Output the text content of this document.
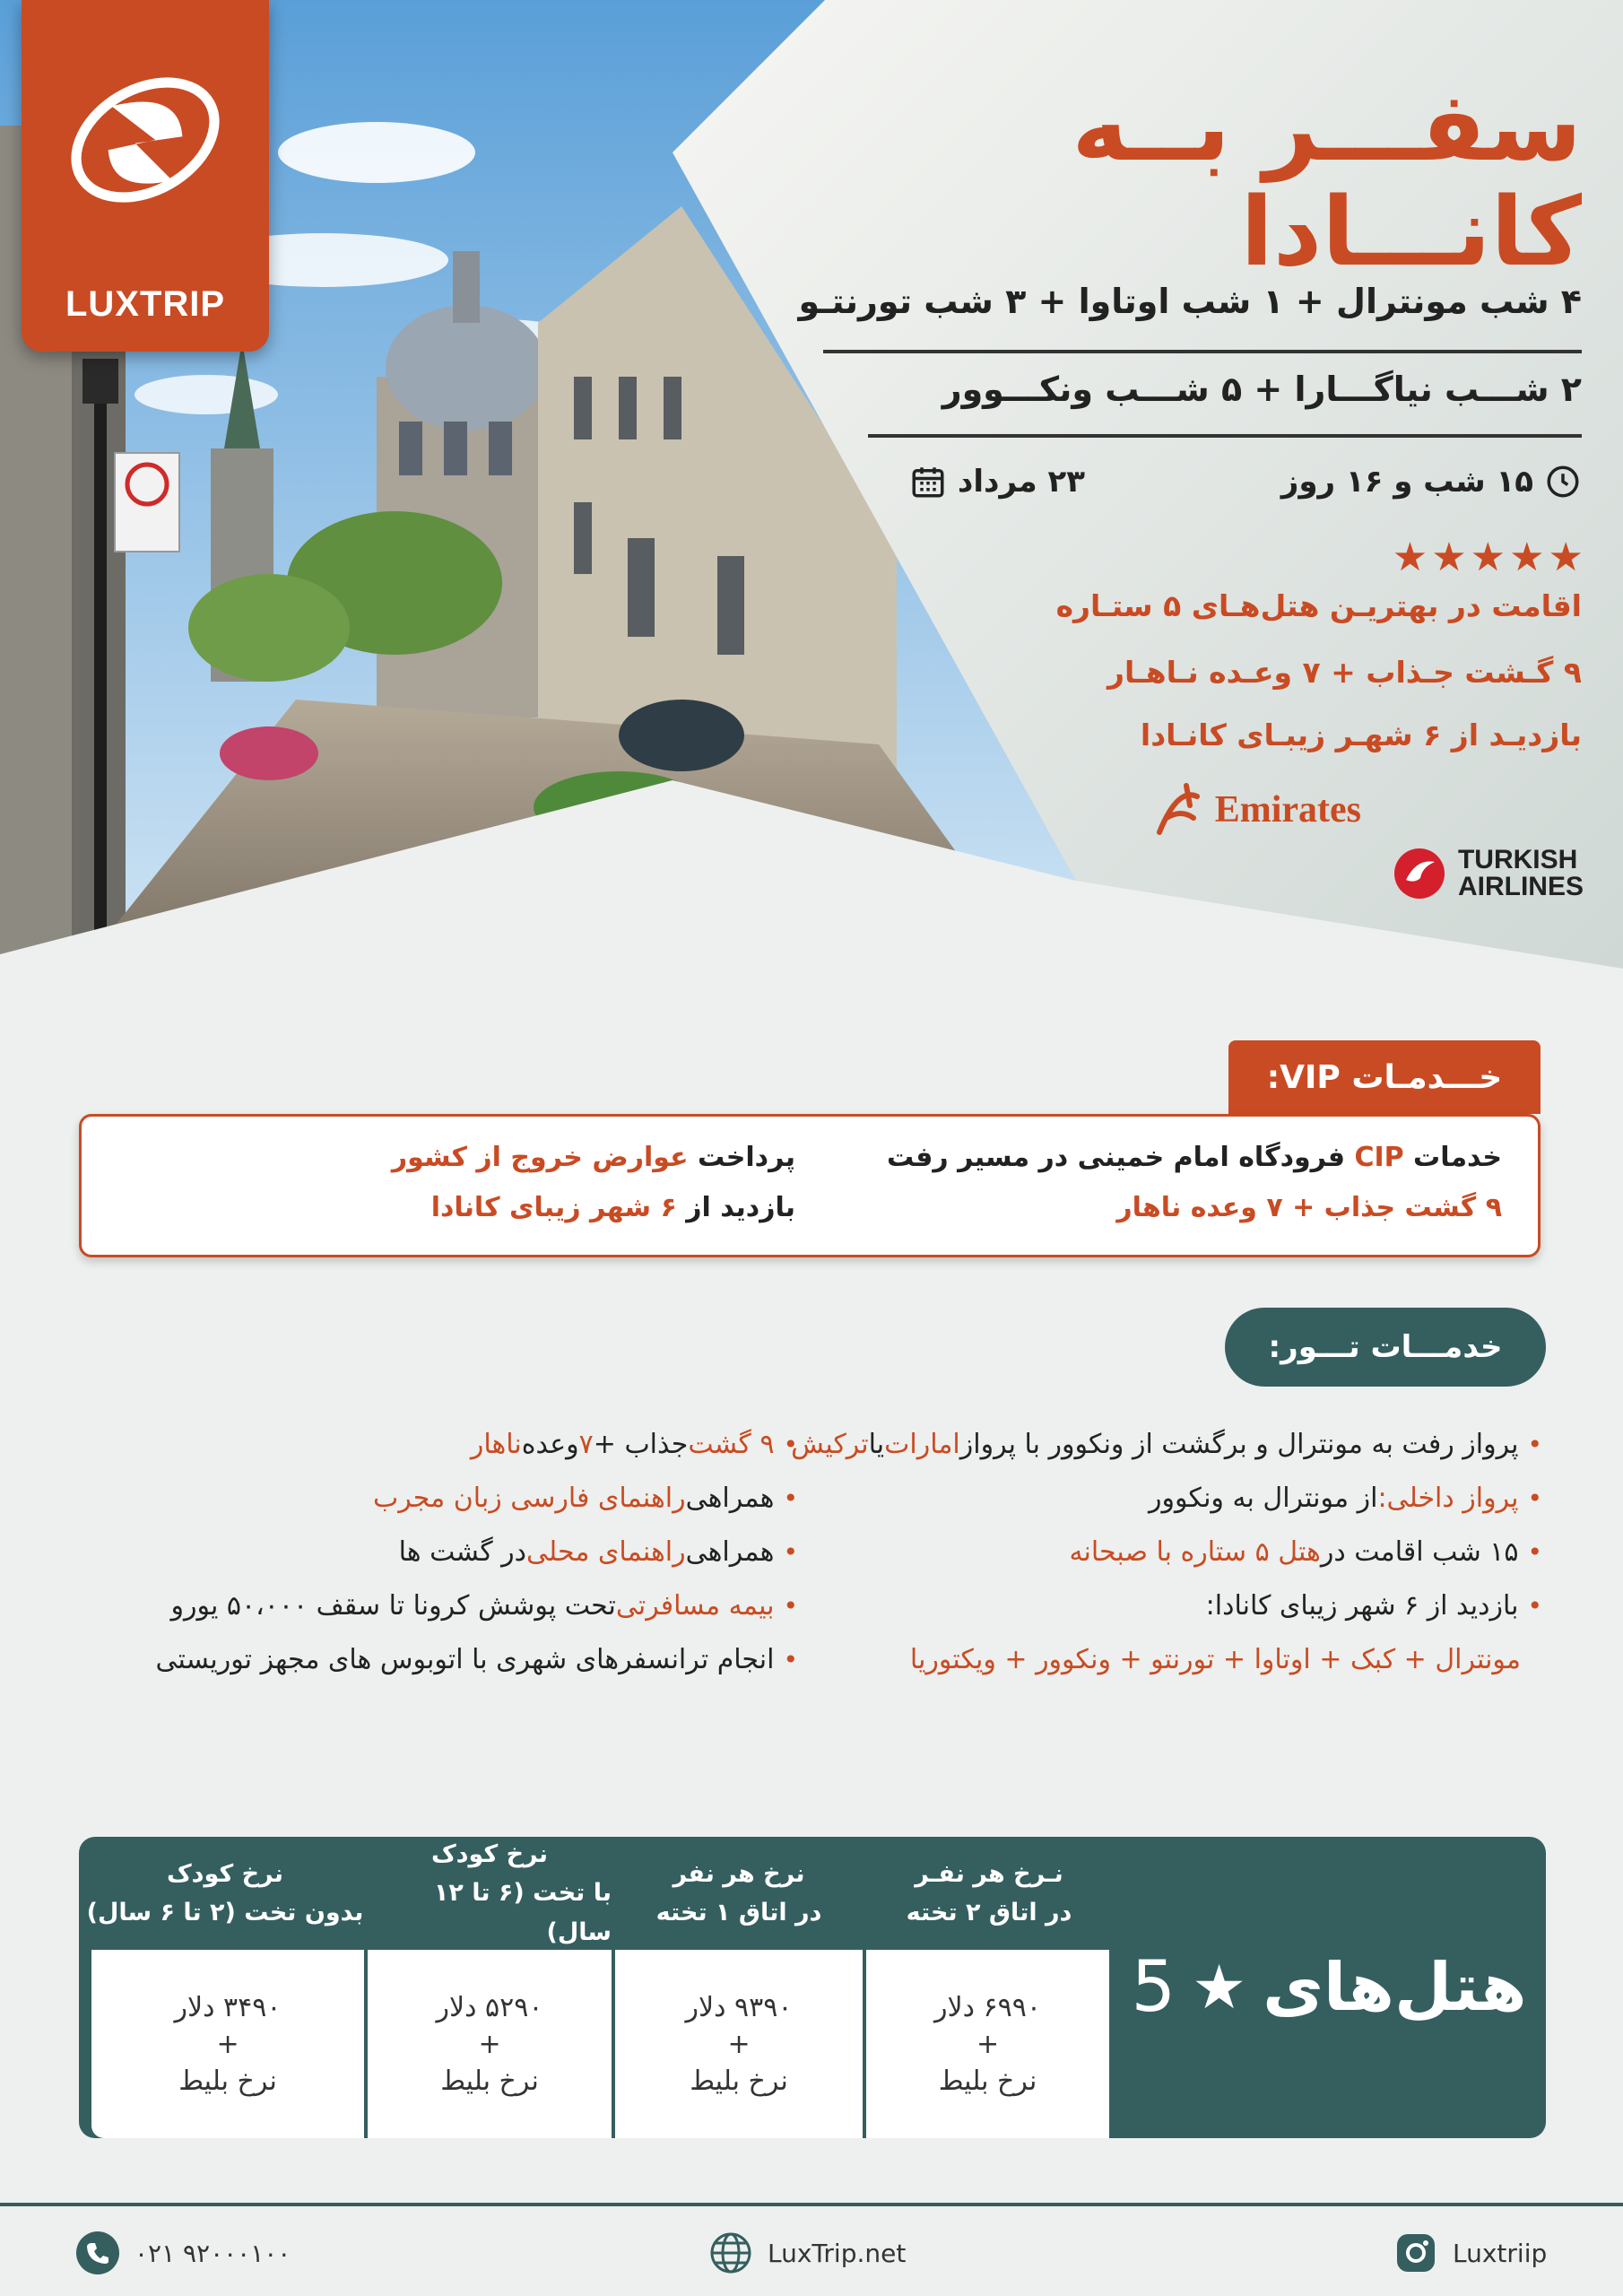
LUXTRIP
سفـــر بــه کانـــادا
۴ شب مونترال + ۱ شب اوتاوا + ۳ شب تورنتـو
۲ شـــب نیاگـــارا + ۵ شـــب ونکـــوور
۱۵ شب و ۱۶ روز
۲۳ مرداد
★
★
★
★
★
اقامت در بهتریـن هتل‌هـای ۵ ستـاره
۹ گـشت جـذاب + ۷ وعـده نـاهـار
بازدیـد از ۶ شهـر زیبـای کانـادا
Emirates
TURKISH
AIRLINES
خـــدمـات VIP:
خدمات CIP فرودگاه امام خمینی در مسیر رفت
۹ گشت جذاب + ۷ وعده ناهار
پرداخت عوارض خروج از کشور
بازدید از ۶ شهر زیبای کانادا
خدمـــات تـــور:
• پرواز رفت به مونترال و برگشت از ونکوور با پرواز
امارات
یا
ترکیش
• پرواز داخلی:
از مونترال به ونکوور
• ۱۵ شب اقامت در
هتل ۵ ستاره با صبحانه
• بازدید از ۶ شهر زیبای کانادا:
مونترال + کبک + اوتاوا + تورنتو + ونکوور + ویکتوریا
• ۹ گشت
جذاب +
۷
وعده
ناهار
• همراهی
راهنمای فارسی زبان مجرب
• همراهی
راهنمای محلی
در گشت ها
• بیمه مسافرتی
تحت پوشش کرونا تا سقف ۵۰،۰۰۰ یورو
• انجام ترانسفرهای شهری با اتوبوس های مجهز توریستی
هتل‌های
★
5
نـرخ هر نفـر
در اتاق ۲ تخته
۶۹۹۰ دلار
+
نرخ بلیط
نرخ هر نفر
در اتاق ۱ تخته
۹۳۹۰ دلار
+
نرخ بلیط
نرخ کودک
با تخت (۶ تا ۱۲ سال)
۵۲۹۰ دلار
+
نرخ بلیط
نرخ کودک
بدون تخت (۲ تا ۶ سال)
۳۴۹۰ دلار
+
نرخ بلیط
۰۲۱ ۹۲۰۰۰۱۰۰	LuxTrip.net	Luxtriip
